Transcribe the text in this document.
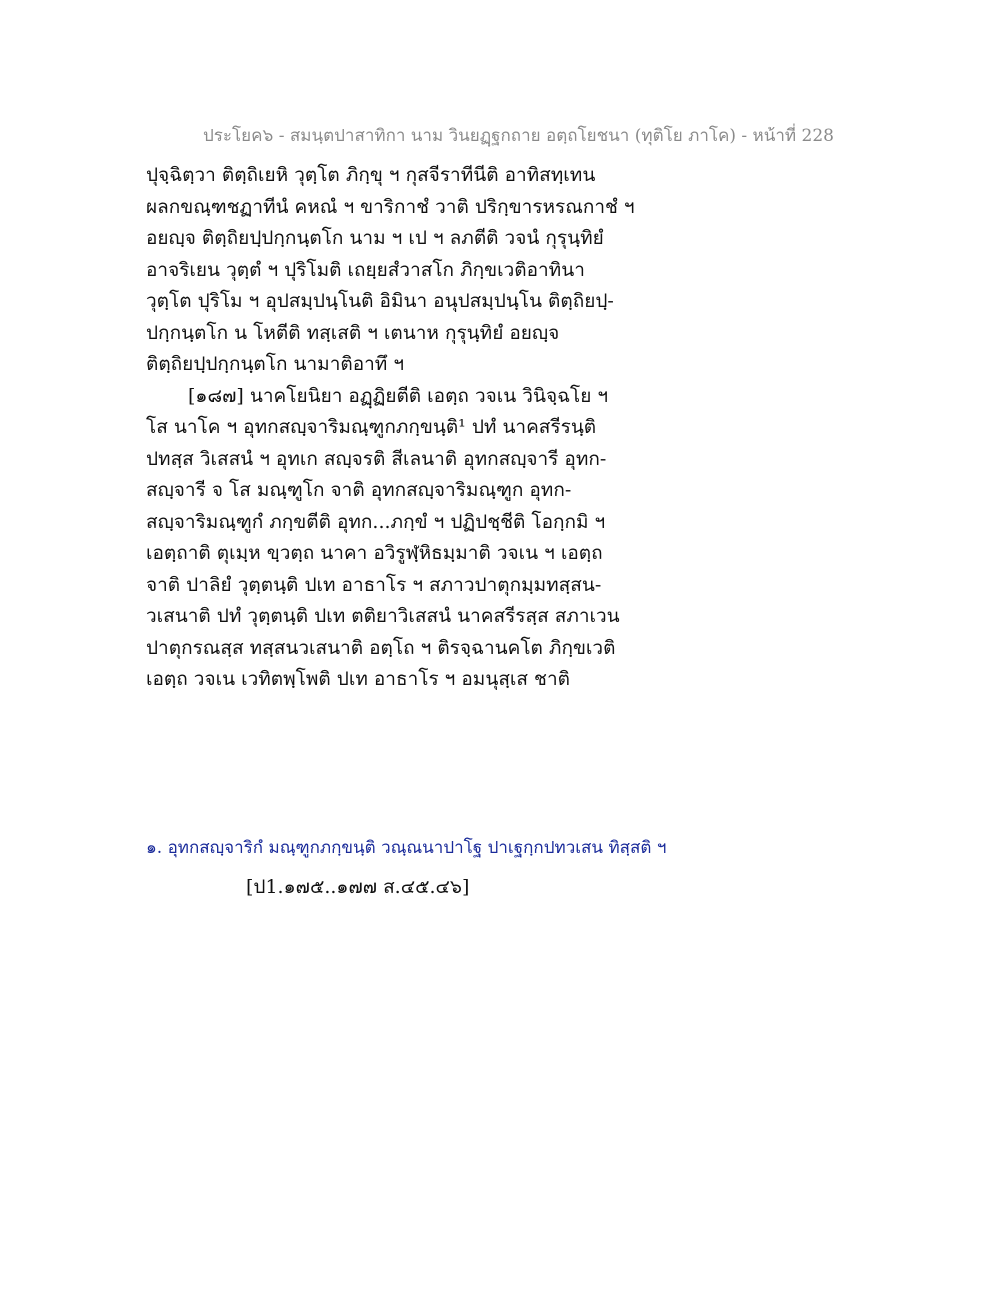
ประโยค๖ - สมนฺตปาสาทิกา นาม วินยฏฺฐกถาย อตฺถโยชนา (ทุติโย ภาโค) - หน้าที่ 228
ปุจฺฉิตฺวา ติตฺถิเยหิ วุตฺโต ภิกฺขุ ฯ กุสจีราทีนีติ อาทิสทฺเทน
ผลกขณฺฑชฏาทีนํ คหณํ ฯ ขาริกาชํ วาติ ปริกฺขารหรณกาชํ ฯ
อยญฺจ ติตฺถิยปฺปกฺกนฺตโก นาม ฯ เป ฯ ลภตีติ วจนํ กุรุนฺทิยํ
อาจริเยน วุตฺตํ ฯ ปุริโมติ เถยฺยสํวาสโก ภิกฺขเวติอาทินา
วุตฺโต ปุริโม ฯ อุปสมฺปนฺโนติ อิมินา อนุปสมฺปนฺโน ติตฺถิยปฺ-
ปกฺกนฺตโก น โหตีติ ทสฺเสติ ฯ เตนาห กุรุนฺทิยํ อยญฺจ
ติตฺถิยปฺปกฺกนฺตโก นามาติอาทึ ฯ
[๑๘๗] นาคโยนิยา อฏฺฏิยตีติ เอตฺถ วจเน วินิจฺฉโย ฯ
โส นาโค ฯ อุทกสญฺจาริมณฺฑูกภกฺขนฺติ¹ ปทํ นาคสรีรนฺติ
ปทสฺส วิเสสนํ ฯ อุทเก สญฺจรติ สีเลนาติ อุทกสญฺจารี อุทก-
สญฺจารี จ โส มณฺฑูโก จาติ อุทกสญฺจาริมณฺฑูก อุทก-
สญฺจาริมณฺฑูกํ ภกฺขตีติ อุทก...ภกฺขํ ฯ ปฏิปชฺชีติ โอกฺกมิ ฯ
เอตฺถาติ ตุเมฺห ขฺวตฺถ นาคา อวิรูฬฺหิธมฺมาติ วจเน ฯ เอตฺถ
จาติ ปาลิยํ วุตฺตนฺติ ปเท อาธาโร ฯ สภาวปาตุกมฺมทสฺสน-
วเสนาติ ปทํ วุตฺตนฺติ ปเท ตติยาวิเสสนํ นาคสรีรสฺส สภาเวน
ปาตุกรณสฺส ทสฺสนวเสนาติ อตฺโถ ฯ ติรจฺฉานคโต ภิกฺขเวติ
เอตฺถ วจเน เวทิตพฺโพติ ปเท อาธาโร ฯ อมนุสฺเส ชาติ
๑. อุทกสญฺจาริกํ มณฺฑูกภกฺขนฺติ วณฺณนาปาโฐ ปาเฐกฺกปทวเสน ทิสฺสติ ฯ
[ป1.๑๗๕..๑๗๗ ส.๔๕.๔๖]
